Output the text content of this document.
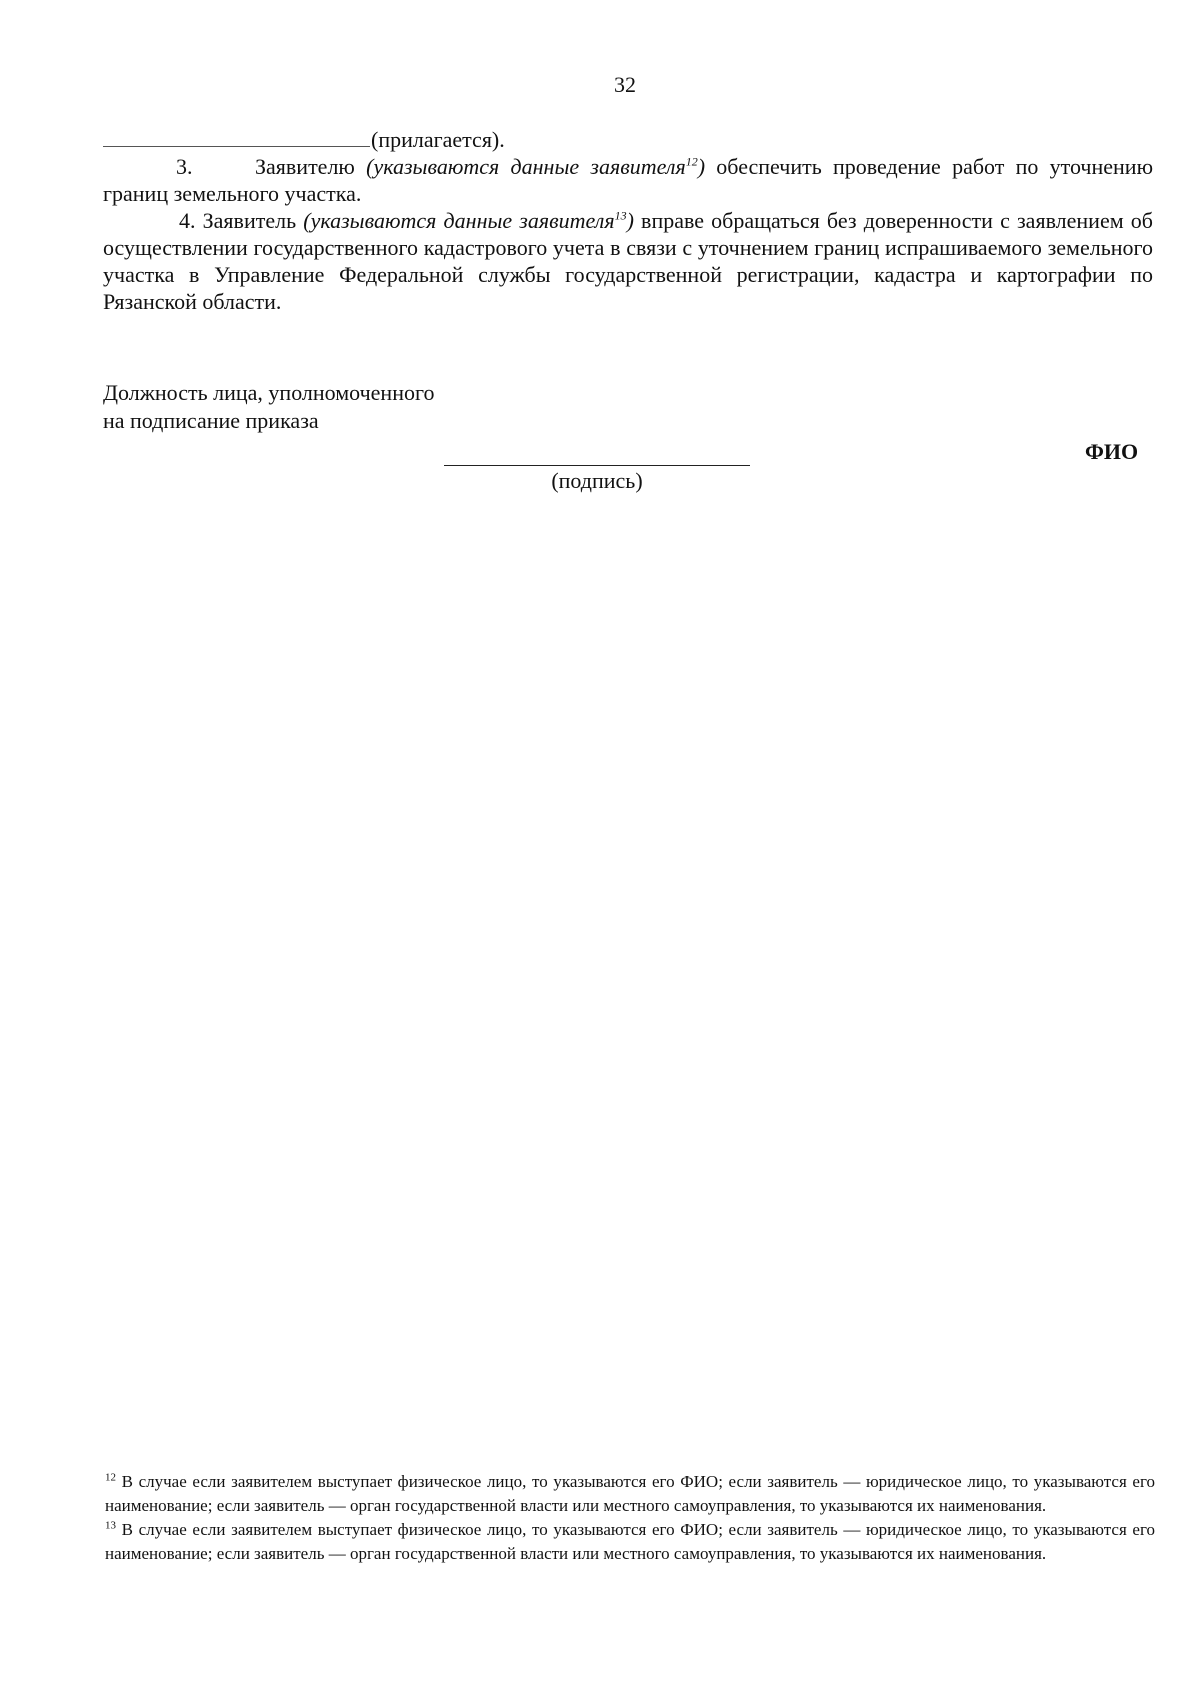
32

(прилагается).

3.	Заявителю (указываются данные заявителя$^{12}$) обеспечить проведение работ по уточнению границ земельного участка.

4. Заявитель (указываются данные заявителя$^{13}$) вправе обращаться без доверенности с заявлением об осуществлении государственного кадастрового учета в связи с уточнением границ испрашиваемого земельного участка в Управление Федеральной службы государственной регистрации, кадастра и картографии по Рязанской области.

Должность лица, уполномоченного
на подписание приказа
ФИО
(подпись)

$^{12}$ В случае если заявителем выступает физическое лицо, то указываются его ФИО; если заявитель — юридическое лицо, то указываются его наименование; если заявитель — орган государственной власти или местного самоуправления, то указываются их наименования.

$^{13}$ В случае если заявителем выступает физическое лицо, то указываются его ФИО; если заявитель — юридическое лицо, то указываются его наименование; если заявитель — орган государственной власти или местного самоуправления, то указываются их наименования.
